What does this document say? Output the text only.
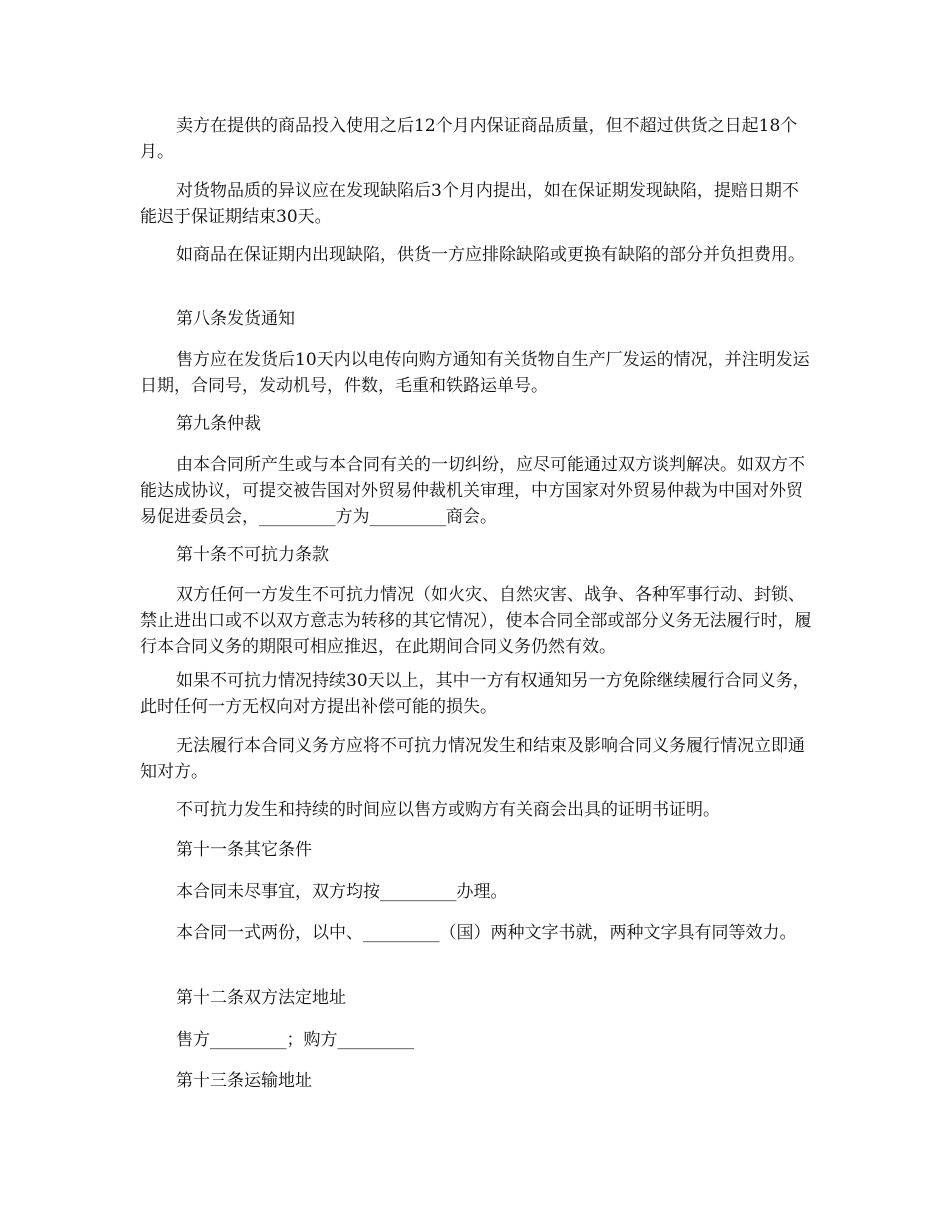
卖方在提供的商品投入使用之后12个月内保证商品质量，但不超过供货之日起18个月。

对货物品质的异议应在发现缺陷后3个月内提出，如在保证期发现缺陷，提赔日期不能迟于保证期结束30天。

如商品在保证期内出现缺陷，供货一方应排除缺陷或更换有缺陷的部分并负担费用。

第八条发货通知

售方应在发货后10天内以电传向购方通知有关货物自生产厂发运的情况，并注明发运日期，合同号，发动机号，件数，毛重和铁路运单号。

第九条仲裁

由本合同所产生或与本合同有关的一切纠纷，应尽可能通过双方谈判解决。如双方不能达成协议，可提交被告国对外贸易仲裁机关审理，中方国家对外贸易仲裁为中国对外贸易促进委员会，_________方为_________商会。

第十条不可抗力条款

双方任何一方发生不可抗力情况（如火灾、自然灾害、战争、各种军事行动、封锁、禁止进出口或不以双方意志为转移的其它情况），使本合同全部或部分义务无法履行时，履行本合同义务的期限可相应推迟，在此期间合同义务仍然有效。

如果不可抗力情况持续30天以上，其中一方有权通知另一方免除继续履行合同义务，此时任何一方无权向对方提出补偿可能的损失。

无法履行本合同义务方应将不可抗力情况发生和结束及影响合同义务履行情况立即通知对方。

不可抗力发生和持续的时间应以售方或购方有关商会出具的证明书证明。

第十一条其它条件

本合同未尽事宜，双方均按_________办理。

本合同一式两份，以中、_________（国）两种文字书就，两种文字具有同等效力。

第十二条双方法定地址

售方_________；购方_________

第十三条运输地址
